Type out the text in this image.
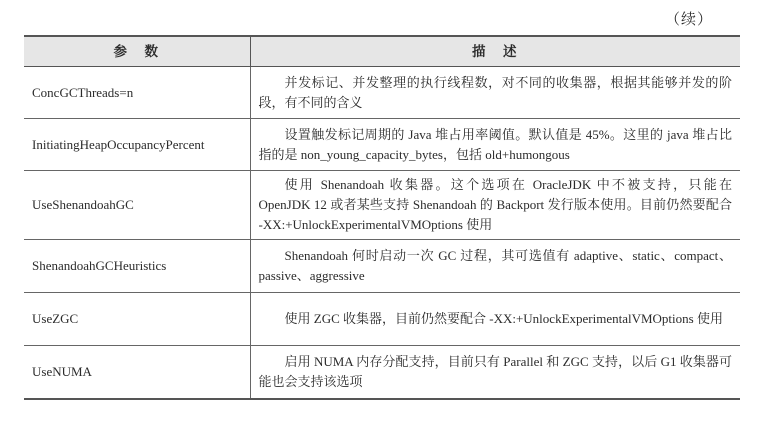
（续）
参　数	描　述
ConcGCThreads=n	并发标记、并发整理的执行线程数，对不同的收集器，根据其能够并发的阶段，有不同的含义
InitiatingHeapOccupancyPercent	设置触发标记周期的 Java 堆占用率阈值。默认值是 45%。这里的 java 堆占比指的是 non_young_capacity_bytes，包括 old+humongous
UseShenandoahGC	使用 Shenandoah 收集器。这个选项在 OracleJDK 中不被支持，只能在 OpenJDK 12 或者某些支持 Shenandoah 的 Backport 发行版本使用。目前仍然要配合 -XX:+UnlockExperimentalVMOptions 使用
ShenandoahGCHeuristics	Shenandoah 何时启动一次 GC 过程，其可选值有 adaptive、static、compact、passive、aggressive
UseZGC	使用 ZGC 收集器，目前仍然要配合 -XX:+UnlockExperimentalVMOptions 使用
UseNUMA	启用 NUMA 内存分配支持，目前只有 Parallel 和 ZGC 支持，以后 G1 收集器可能也会支持该选项
